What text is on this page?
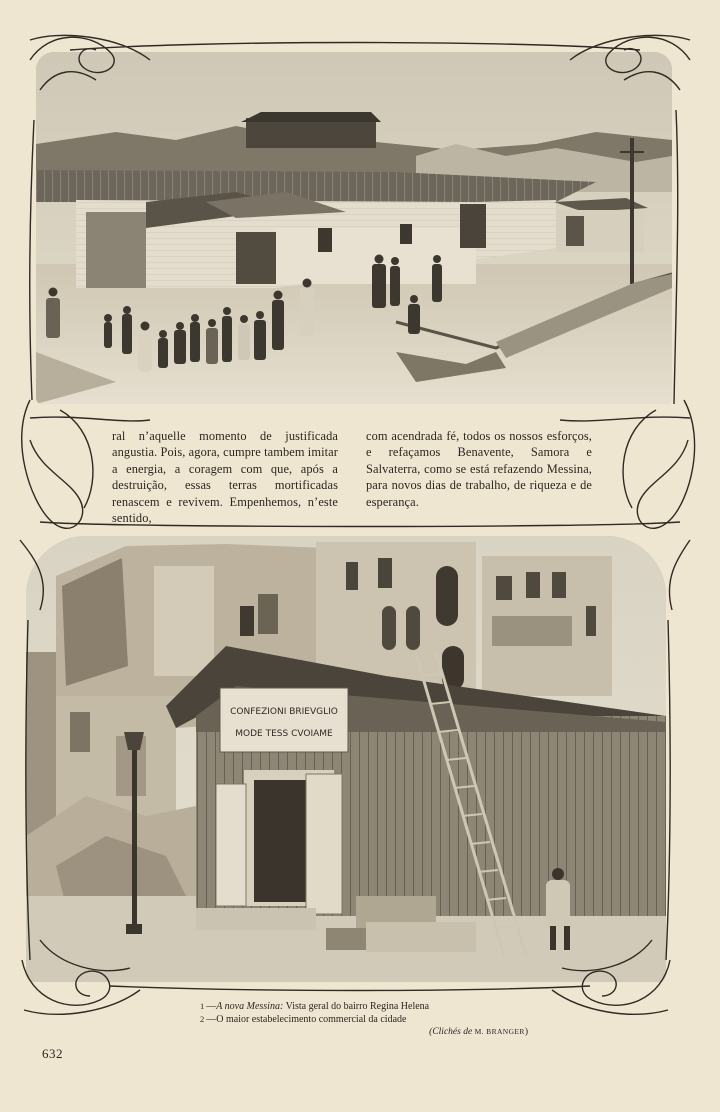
ral n’aquelle momento de justificada angustia. Pois, agora, cumpre tambem imitar a energia, a coragem com que, após a destruição, essas terras mortificadas renascem e revivem. Empenhemos, n’este sentido,
com acendrada fé, todos os nossos esforços, e refaçamos Benavente, Samora e Salvaterra, como se está refazendo Messina, para novos dias de trabalho, de riqueza e de esperança.
CONFEZIONI BRIEVGLIO
MODE TESS CVOIAME
1 —A nova Messina: Vista geral do bairro Regina Helena
2 —O maior estabelecimento commercial da cidade
(Clichés de M. BRANGER)
632
